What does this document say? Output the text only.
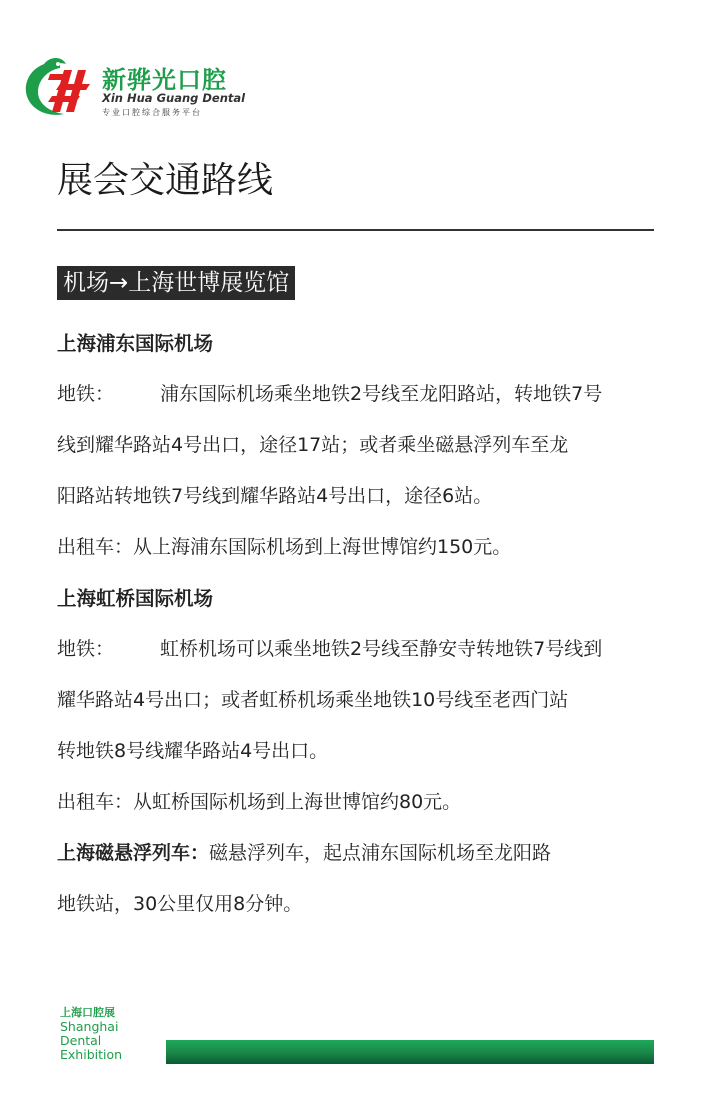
新骅光口腔
Xin Hua Guang Dental
专业口腔综合服务平台
展会交通路线
机场→上海世博展览馆

上海浦东国际机场

地铁： 浦东国际机场乘坐地铁2号线至龙阳路站，转地铁7号

线到耀华路站4号出口，途径17站；或者乘坐磁悬浮列车至龙

阳路站转地铁7号线到耀华路站4号出口，途径6站。

出租车：从上海浦东国际机场到上海世博馆约150元。

上海虹桥国际机场

地铁： 虹桥机场可以乘坐地铁2号线至静安寺转地铁7号线到

耀华路站4号出口；或者虹桥机场乘坐地铁10号线至老西门站

转地铁8号线耀华路站4号出口。

出租车：从虹桥国际机场到上海世博馆约80元。

上海磁悬浮列车：磁悬浮列车，起点浦东国际机场至龙阳路

地铁站，30公里仅用8分钟。

上海口腔展
Shanghai
Dental
Exhibition
